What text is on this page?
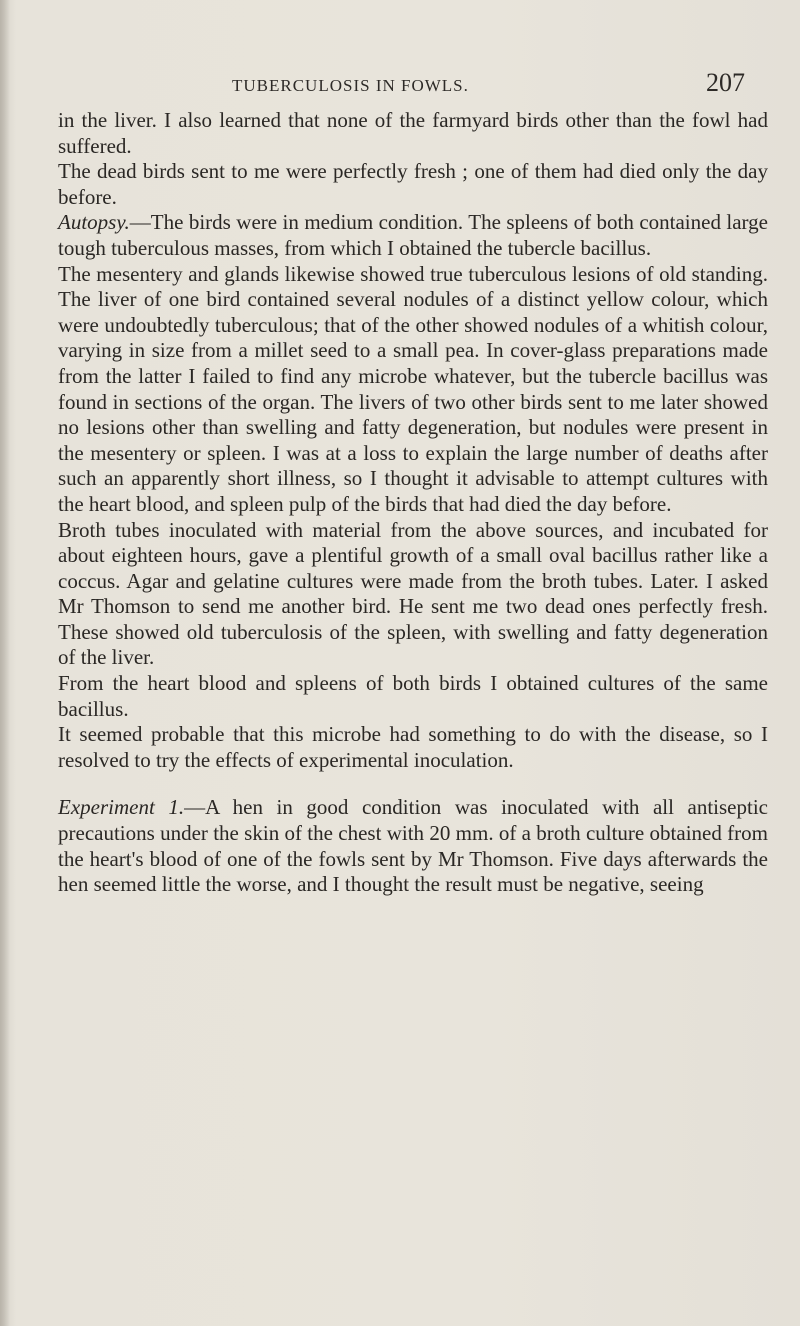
TUBERCULOSIS IN FOWLS.	207

in the liver. I also learned that none of the farmyard birds other than the fowl had suffered.

The dead birds sent to me were perfectly fresh ; one of them had died only the day before.

Autopsy.—The birds were in medium condition. The spleens of both contained large tough tuberculous masses, from which I obtained the tubercle bacillus.

The mesentery and glands likewise showed true tuberculous lesions of old standing. The liver of one bird contained several nodules of a distinct yellow colour, which were undoubtedly tuberculous; that of the other showed nodules of a whitish colour, varying in size from a millet seed to a small pea. In cover-glass preparations made from the latter I failed to find any microbe whatever, but the tubercle bacillus was found in sections of the organ. The livers of two other birds sent to me later showed no lesions other than swelling and fatty degeneration, but nodules were present in the mesentery or spleen. I was at a loss to explain the large number of deaths after such an apparently short illness, so I thought it advisable to attempt cultures with the heart blood, and spleen pulp of the birds that had died the day before.

Broth tubes inoculated with material from the above sources, and incubated for about eighteen hours, gave a plentiful growth of a small oval bacillus rather like a coccus. Agar and gelatine cultures were made from the broth tubes. Later. I asked Mr Thomson to send me another bird. He sent me two dead ones perfectly fresh. These showed old tuberculosis of the spleen, with swelling and fatty degeneration of the liver.

From the heart blood and spleens of both birds I obtained cultures of the same bacillus.

It seemed probable that this microbe had something to do with the disease, so I resolved to try the effects of experimental inoculation.

Experiment 1.—A hen in good condition was inoculated with all antiseptic precautions under the skin of the chest with 20 mm. of a broth culture obtained from the heart's blood of one of the fowls sent by Mr Thomson. Five days afterwards the hen seemed little the worse, and I thought the result must be negative, seeing
